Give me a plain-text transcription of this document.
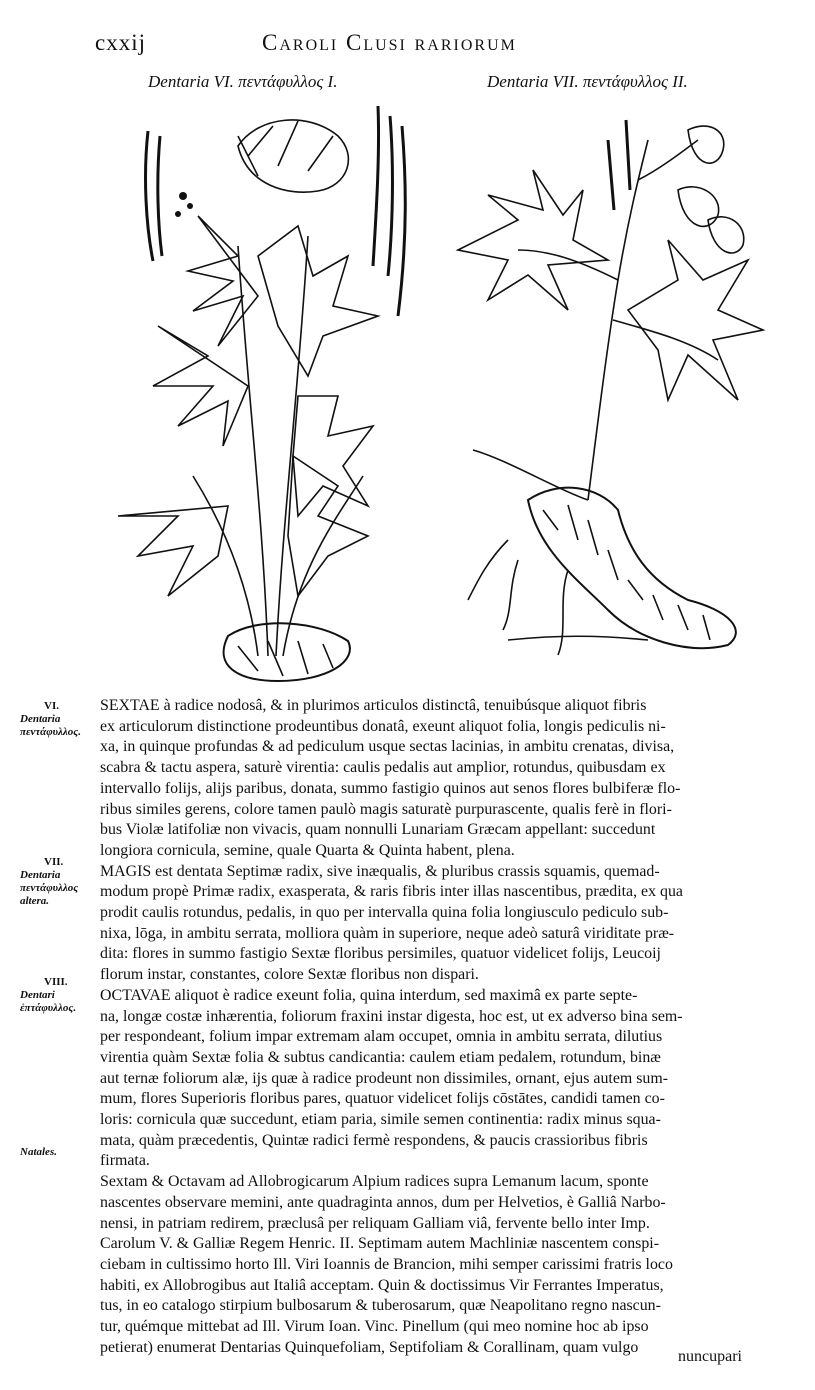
cxxij	Caroli Clusi rariorum
Dentaria VI. πεντάφυλλος I.	Dentaria VII. πεντάφυλλος II.
VI.
Dentaria πεντάφυλλος.
VII.
Dentaria πεντάφυλλος altera.
VIII.
Dentari ἑπτάφυλλος.
Natales.
SEXTAE à radice nodosâ, & in plurimos articulos distinctâ, tenuibúsque aliquot fibris
ex articulorum distinctione prodeuntibus donatâ, exeunt aliquot folia, longis pediculis ni-
xa, in quinque profundas & ad pediculum usque sectas lacinias, in ambitu crenatas, divisa,
scabra & tactu aspera, saturè virentia: caulis pedalis aut amplior, rotundus, quibusdam ex
intervallo folijs, alijs paribus, donata, summo fastigio quinos aut senos flores bulbiferæ flo-
ribus similes gerens, colore tamen paulò magis saturatè purpurascente, qualis ferè in flori-
bus Violæ latifoliæ non vivacis, quam nonnulli Lunariam Græcam appellant: succedunt
longiora cornicula, semine, quale Quarta & Quinta habent, plena.
MAGIS est dentata Septimæ radix, sive inæqualis, & pluribus crassis squamis, quemad-
modum propè Primæ radix, exasperata, & raris fibris inter illas nascentibus, prædita, ex qua
prodit caulis rotundus, pedalis, in quo per intervalla quina folia longiusculo pediculo sub-
nixa, lōga, in ambitu serrata, molliora quàm in superiore, neque adeò saturâ viriditate præ-
dita: flores in summo fastigio Sextæ floribus persimiles, quatuor videlicet folijs, Leucoij
florum instar, constantes, colore Sextæ floribus non dispari.
OCTAVAE aliquot è radice exeunt folia, quina interdum, sed maximâ ex parte septe-
na, longæ costæ inhærentia, foliorum fraxini instar digesta, hoc est, ut ex adverso bina sem-
per respondeant, folium impar extremam alam occupet, omnia in ambitu serrata, dilutius
virentia quàm Sextæ folia & subtus candicantia: caulem etiam pedalem, rotundum, binæ
aut ternæ foliorum alæ, ijs quæ à radice prodeunt non dissimiles, ornant, ejus autem sum-
mum, flores Superioris floribus pares, quatuor videlicet folijs cōstātes, candidi tamen co-
loris: cornicula quæ succedunt, etiam paria, simile semen continentia: radix minus squa-
mata, quàm præcedentis, Quintæ radici fermè respondens, & paucis crassioribus fibris
firmata.
Sextam & Octavam ad Allobrogicarum Alpium radices supra Lemanum lacum, sponte
nascentes observare memini, ante quadraginta annos, dum per Helvetios, è Galliâ Narbo-
nensi, in patriam redirem, præclusâ per reliquam Galliam viâ, fervente bello inter Imp.
Carolum V. & Galliæ Regem Henric. II. Septimam autem Machliniæ nascentem conspi-
ciebam in cultissimo horto Ill. Viri Ioannis de Brancion, mihi semper carissimi fratris loco
habiti, ex Allobrogibus aut Italiâ acceptam. Quin & doctissimus Vir Ferrantes Imperatus,
tus, in eo catalogo stirpium bulbosarum & tuberosarum, quæ Neapolitano regno nascun-
tur, quémque mittebat ad Ill. Virum Ioan. Vinc. Pinellum (qui meo nomine hoc ab ipso
petierat) enumerat Dentarias Quinquefoliam, Septifoliam & Corallinam, quam vulgo
nuncupari
